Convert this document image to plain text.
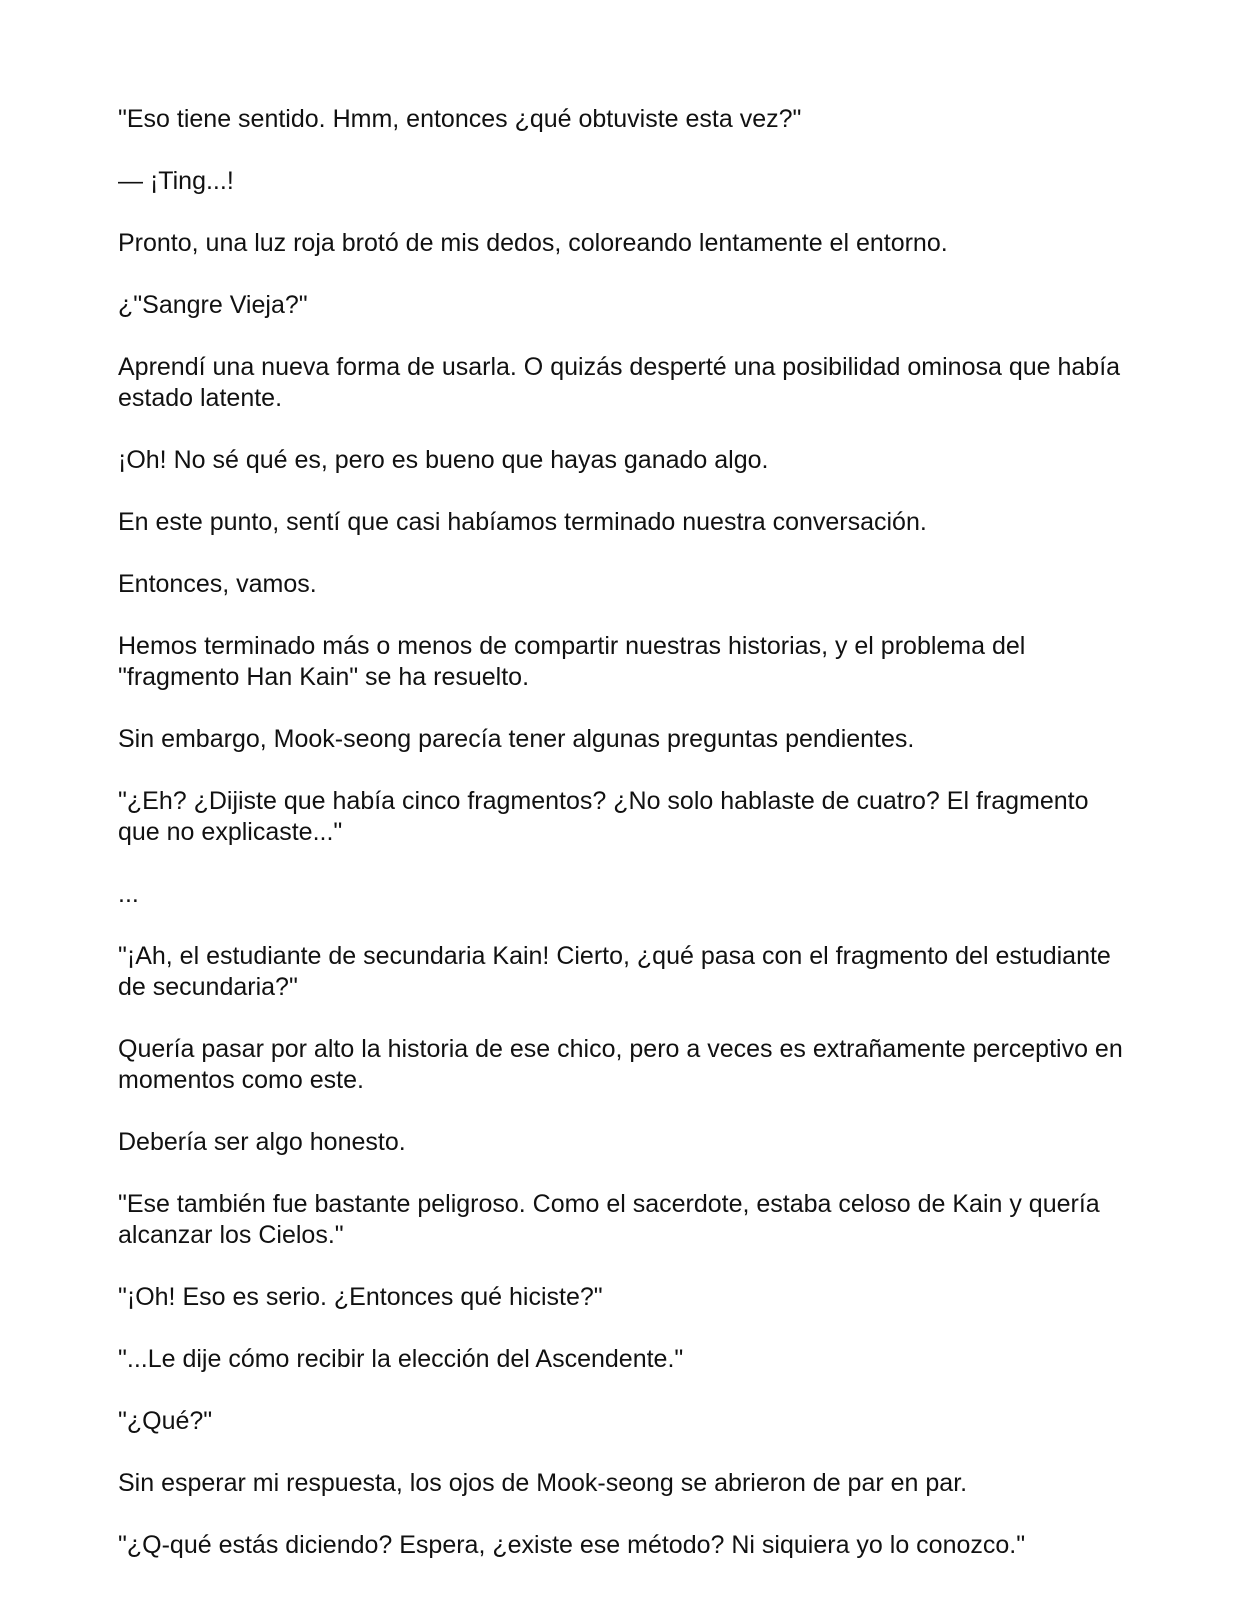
"Eso tiene sentido. Hmm, entonces ¿qué obtuviste esta vez?"

— ¡Ting...!

Pronto, una luz roja brotó de mis dedos, coloreando lentamente el entorno.

¿"Sangre Vieja?"

Aprendí una nueva forma de usarla. O quizás desperté una posibilidad ominosa que había estado latente.

¡Oh! No sé qué es, pero es bueno que hayas ganado algo.

En este punto, sentí que casi habíamos terminado nuestra conversación.

Entonces, vamos.

Hemos terminado más o menos de compartir nuestras historias, y el problema del "fragmento Han Kain" se ha resuelto.

Sin embargo, Mook-seong parecía tener algunas preguntas pendientes.

"¿Eh? ¿Dijiste que había cinco fragmentos? ¿No solo hablaste de cuatro? El fragmento que no explicaste..."

...

"¡Ah, el estudiante de secundaria Kain! Cierto, ¿qué pasa con el fragmento del estudiante de secundaria?"

Quería pasar por alto la historia de ese chico, pero a veces es extrañamente perceptivo en momentos como este.

Debería ser algo honesto.

"Ese también fue bastante peligroso. Como el sacerdote, estaba celoso de Kain y quería alcanzar los Cielos."

"¡Oh! Eso es serio. ¿Entonces qué hiciste?"

"...Le dije cómo recibir la elección del Ascendente."

"¿Qué?"

Sin esperar mi respuesta, los ojos de Mook-seong se abrieron de par en par.

"¿Q-qué estás diciendo? Espera, ¿existe ese método? Ni siquiera yo lo conozco."
